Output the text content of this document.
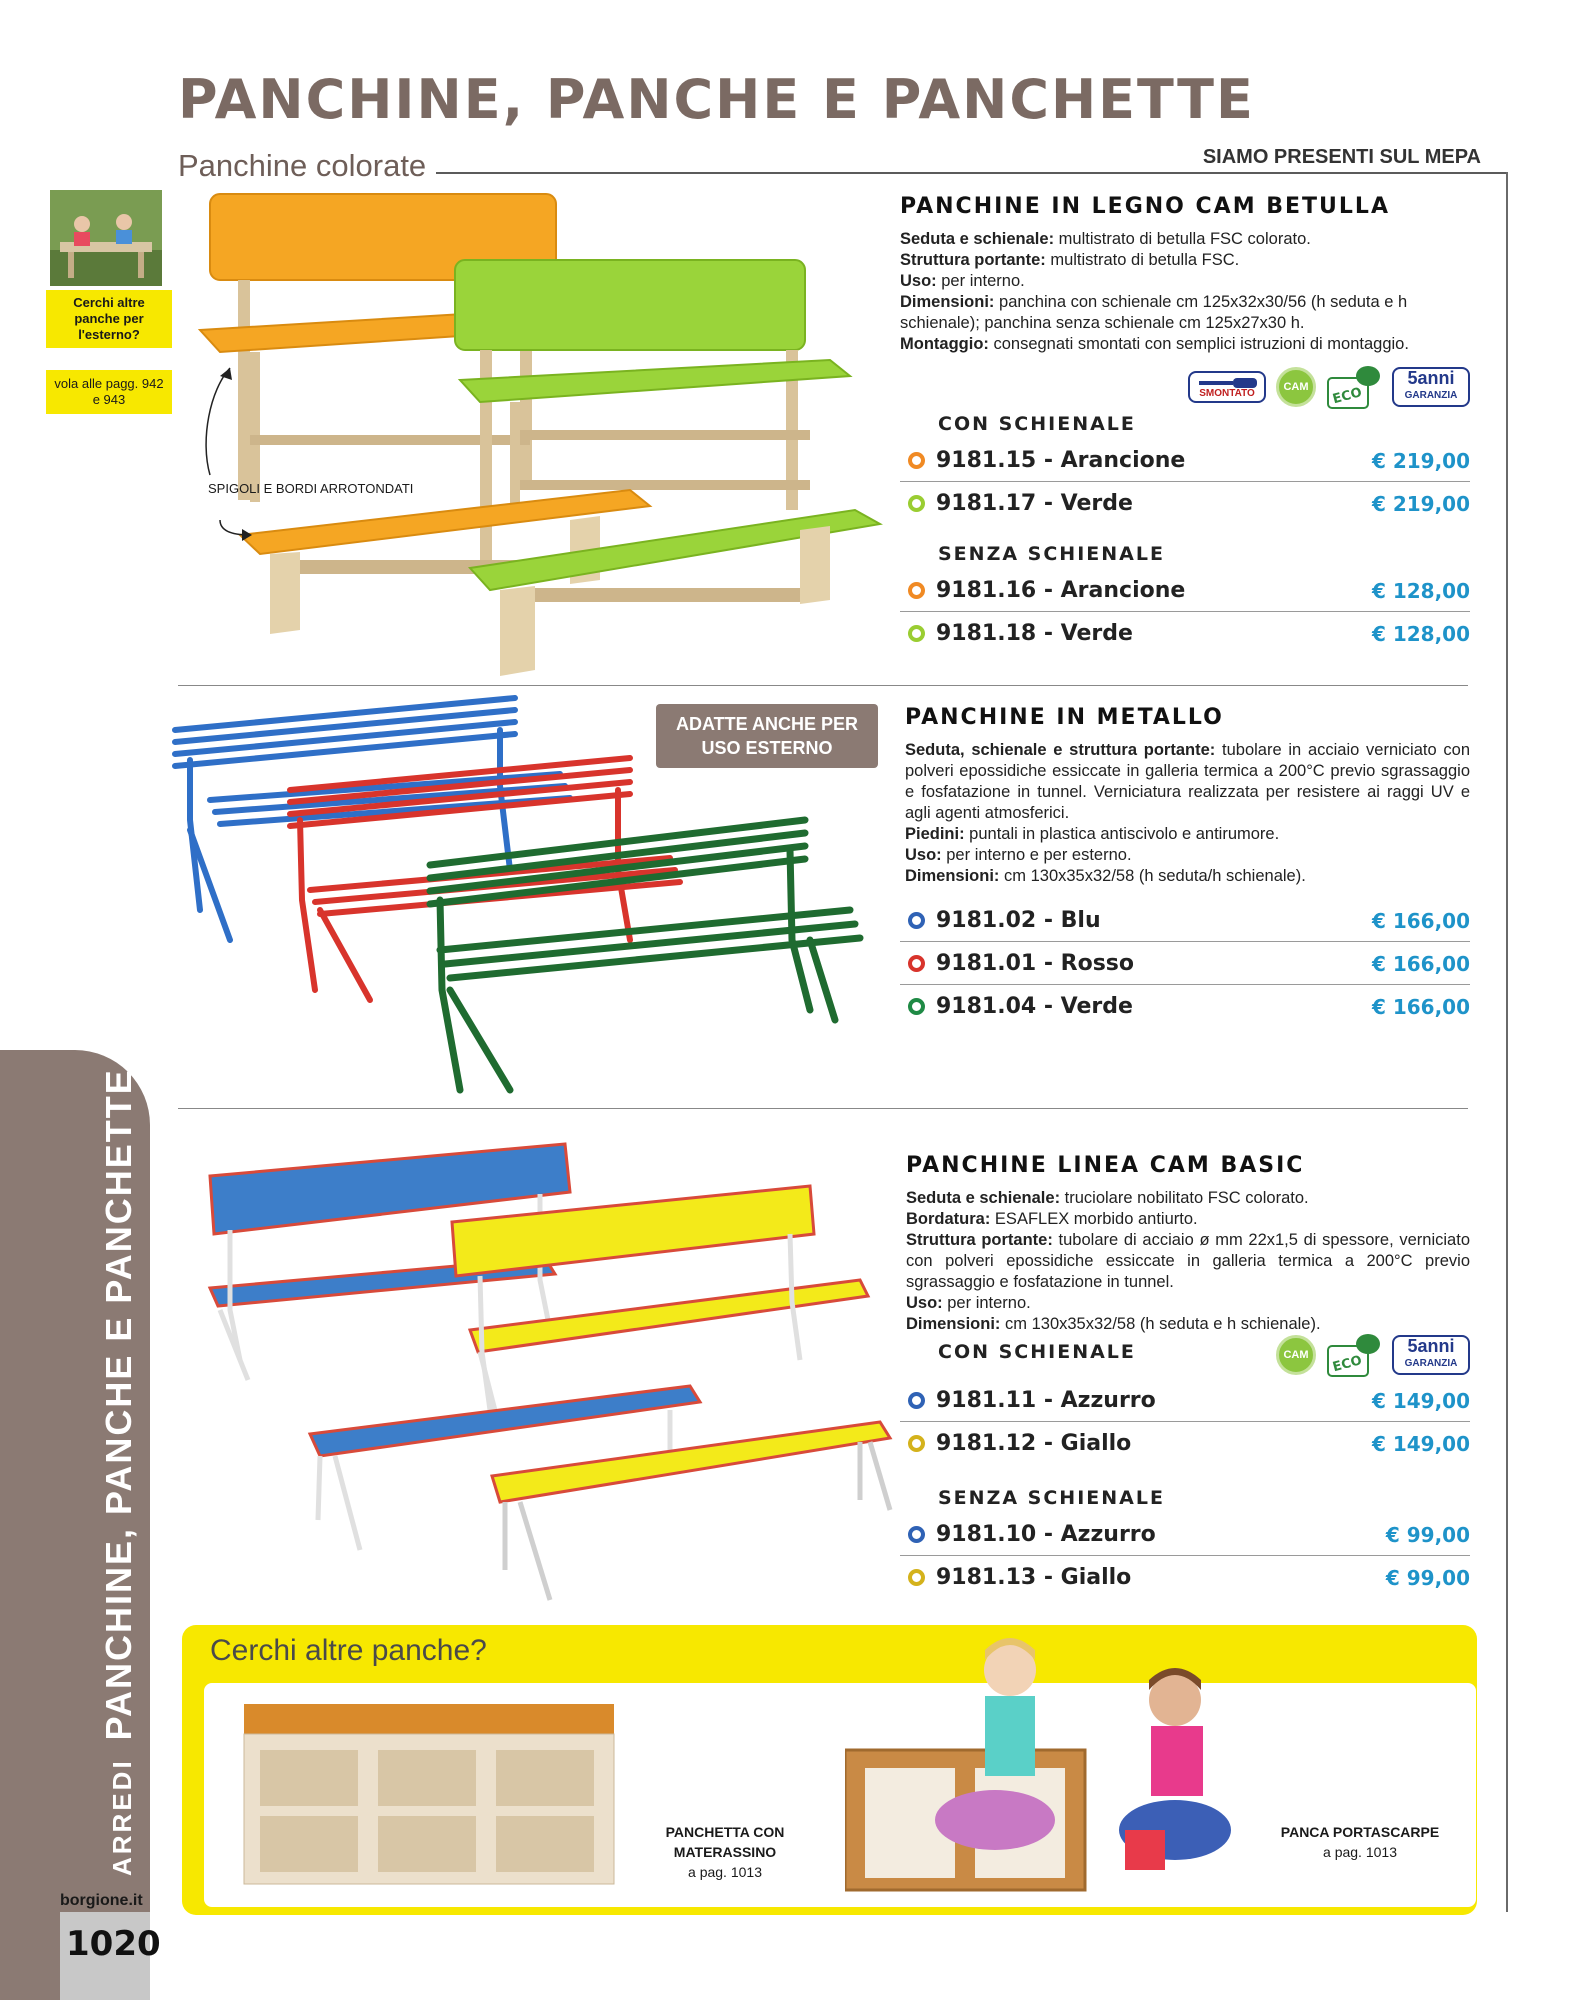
PANCHINE, PANCHE E PANCHETTE
Panchine colorate	SIAMO PRESENTI SUL MEPA
Cerchi altre panche per l'esterno?
vola alle pagg. 942 e 943
ARREDIPANCHINE, PANCHE E PANCHETTE
borgione.it
1020
SPIGOLI E BORDI ARROTONDATI
PANCHINE IN LEGNO CAM BETULLA

Seduta e schienale: multistrato di betulla FSC colorato.

Struttura portante: multistrato di betulla FSC.

Uso: per interno.

Dimensioni: panchina con schienale cm 125x32x30/56 (h seduta e h schienale); panchina senza schienale cm 125x27x30 h.

Montaggio: consegnati smontati con semplici istruzioni di montaggio.

SMONTATO
CAM	ECO
5anni
GARANZIA
CON SCHIENALE
9181.15 - Arancione	€ 219,00
9181.17 - Verde	€ 219,00
SENZA SCHIENALE
9181.16 - Arancione	€ 128,00
9181.18 - Verde	€ 128,00
ADATTE ANCHE PER USO ESTERNO
PANCHINE IN METALLO

Seduta, schienale e struttura portante: tubolare in acciaio verniciato con polveri epossidiche essiccate in galleria termica a 200°C previo sgrassaggio e fosfatazione in tunnel. Verniciatura realizzata per resistere ai raggi UV e agli agenti atmosferici.

Piedini: puntali in plastica antiscivolo e antirumore.

Uso: per interno e per esterno.

Dimensioni: cm 130x35x32/58 (h seduta/h schienale).

9181.02 - Blu	€ 166,00
9181.01 - Rosso	€ 166,00
9181.04 - Verde	€ 166,00
PANCHINE LINEA CAM BASIC

Seduta e schienale: truciolare nobilitato FSC colorato.

Bordatura: ESAFLEX morbido antiurto.

Struttura portante: tubolare di acciaio ø mm 22x1,5 di spessore, verniciato con polveri epossidiche essiccate in galleria termica a 200°C previo sgrassaggio e fosfatazione in tunnel.

Uso: per interno.

Dimensioni: cm 130x35x32/58 (h seduta e h schienale).

CON SCHIENALE	CAM	ECO
5anni
GARANZIA
9181.11 - Azzurro	€ 149,00
9181.12 - Giallo	€ 149,00
SENZA SCHIENALE
9181.10 - Azzurro	€ 99,00
9181.13 - Giallo	€ 99,00
Cerchi altre panche?
PANCHETTA CON MATERASSINO
a pag. 1013
PANCA PORTASCARPE
a pag. 1013
